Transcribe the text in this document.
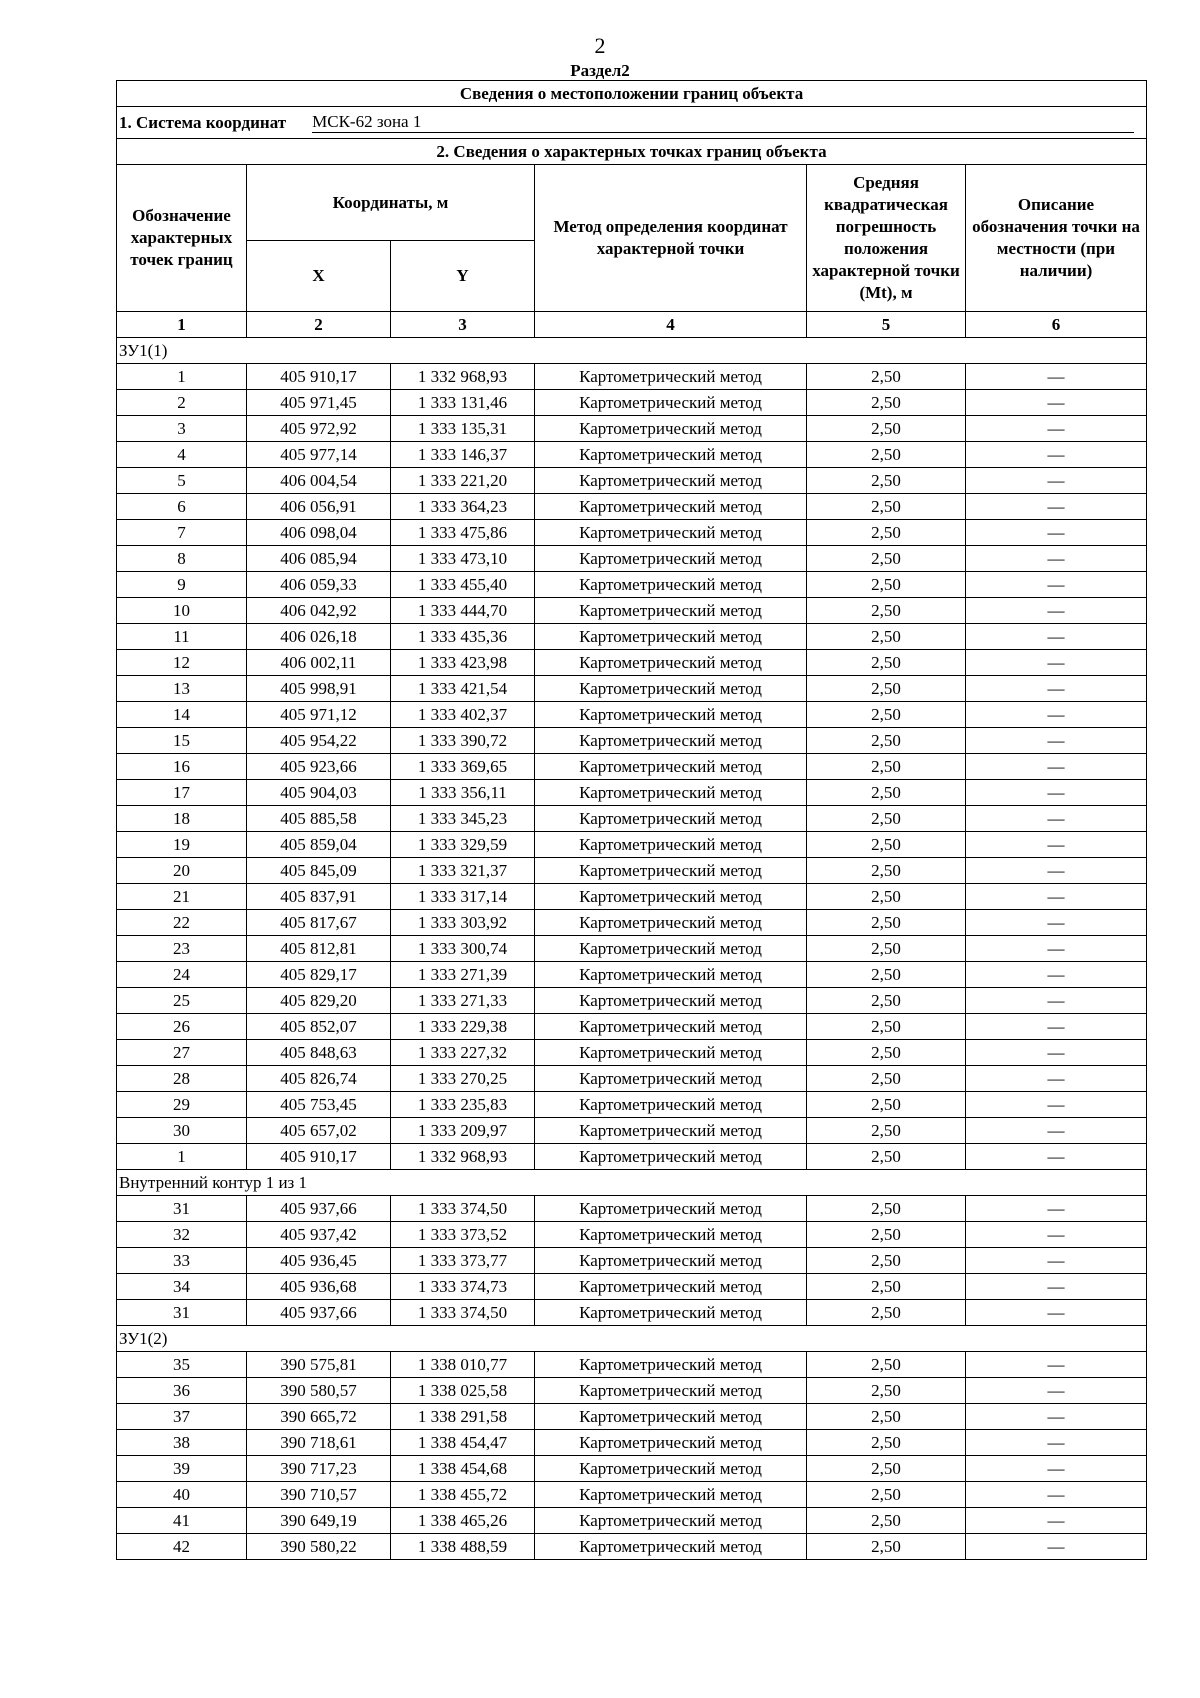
2
Раздел2
Сведения о местоположении границ объекта					

1. Система координат МСК-62 зона 1					

2. Сведения о характерных точках границ объекта					
Обозначение характерных точек границ	Координаты, м		Метод определения координат характерной точки	Средняя квадратическая погрешность положения характерной точки (Mt), м	Описание обозначения точки на местности (при наличии)
	X	Y			
1	2	3	4	5	6
ЗУ1(1)					
1	405 910,17	1 332 968,93	Картометрический метод	2,50	—
2	405 971,45	1 333 131,46	Картометрический метод	2,50	—
3	405 972,92	1 333 135,31	Картометрический метод	2,50	—
4	405 977,14	1 333 146,37	Картометрический метод	2,50	—
5	406 004,54	1 333 221,20	Картометрический метод	2,50	—
6	406 056,91	1 333 364,23	Картометрический метод	2,50	—
7	406 098,04	1 333 475,86	Картометрический метод	2,50	—
8	406 085,94	1 333 473,10	Картометрический метод	2,50	—
9	406 059,33	1 333 455,40	Картометрический метод	2,50	—
10	406 042,92	1 333 444,70	Картометрический метод	2,50	—
11	406 026,18	1 333 435,36	Картометрический метод	2,50	—
12	406 002,11	1 333 423,98	Картометрический метод	2,50	—
13	405 998,91	1 333 421,54	Картометрический метод	2,50	—
14	405 971,12	1 333 402,37	Картометрический метод	2,50	—
15	405 954,22	1 333 390,72	Картометрический метод	2,50	—
16	405 923,66	1 333 369,65	Картометрический метод	2,50	—
17	405 904,03	1 333 356,11	Картометрический метод	2,50	—
18	405 885,58	1 333 345,23	Картометрический метод	2,50	—
19	405 859,04	1 333 329,59	Картометрический метод	2,50	—
20	405 845,09	1 333 321,37	Картометрический метод	2,50	—
21	405 837,91	1 333 317,14	Картометрический метод	2,50	—
22	405 817,67	1 333 303,92	Картометрический метод	2,50	—
23	405 812,81	1 333 300,74	Картометрический метод	2,50	—
24	405 829,17	1 333 271,39	Картометрический метод	2,50	—
25	405 829,20	1 333 271,33	Картометрический метод	2,50	—
26	405 852,07	1 333 229,38	Картометрический метод	2,50	—
27	405 848,63	1 333 227,32	Картометрический метод	2,50	—
28	405 826,74	1 333 270,25	Картометрический метод	2,50	—
29	405 753,45	1 333 235,83	Картометрический метод	2,50	—
30	405 657,02	1 333 209,97	Картометрический метод	2,50	—
1	405 910,17	1 332 968,93	Картометрический метод	2,50	—
Внутренний контур 1 из 1					
31	405 937,66	1 333 374,50	Картометрический метод	2,50	—
32	405 937,42	1 333 373,52	Картометрический метод	2,50	—
33	405 936,45	1 333 373,77	Картометрический метод	2,50	—
34	405 936,68	1 333 374,73	Картометрический метод	2,50	—
31	405 937,66	1 333 374,50	Картометрический метод	2,50	—
ЗУ1(2)					
35	390 575,81	1 338 010,77	Картометрический метод	2,50	—
36	390 580,57	1 338 025,58	Картометрический метод	2,50	—
37	390 665,72	1 338 291,58	Картометрический метод	2,50	—
38	390 718,61	1 338 454,47	Картометрический метод	2,50	—
39	390 717,23	1 338 454,68	Картометрический метод	2,50	—
40	390 710,57	1 338 455,72	Картометрический метод	2,50	—
41	390 649,19	1 338 465,26	Картометрический метод	2,50	—
42	390 580,22	1 338 488,59	Картометрический метод	2,50	—
